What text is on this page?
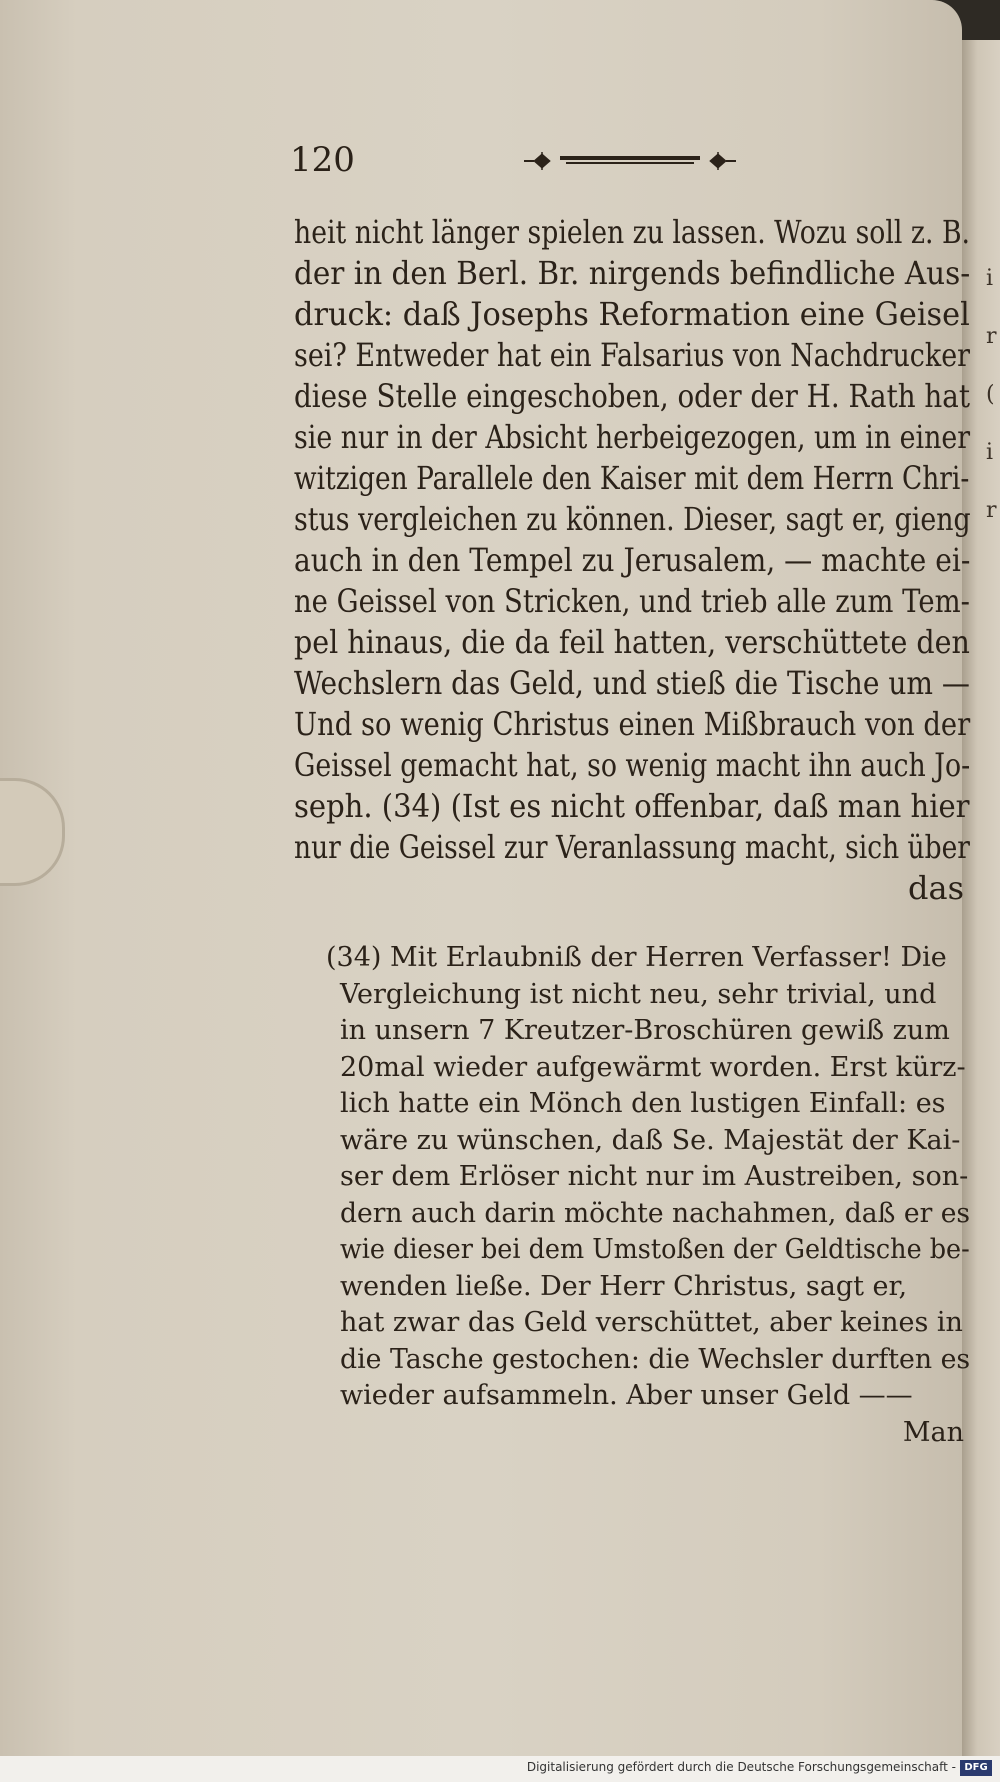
i
r
(
i
r
120
heit nicht länger spielen zu lassen. Wozu soll z. B.
der in den Berl. Br. nirgends befindliche Aus-
druck: daß Josephs Reformation eine Geisel
sei? Entweder hat ein Falsarius von Nachdrucker
diese Stelle eingeschoben, oder der H. Rath hat
sie nur in der Absicht herbeigezogen, um in einer
witzigen Parallele den Kaiser mit dem Herrn Chri-
stus vergleichen zu können. Dieser, sagt er, gieng
auch in den Tempel zu Jerusalem, — machte ei-
ne Geissel von Stricken, und trieb alle zum Tem-
pel hinaus, die da feil hatten, verschüttete den
Wechslern das Geld, und stieß die Tische um —
Und so wenig Christus einen Mißbrauch von der
Geissel gemacht hat, so wenig macht ihn auch Jo-
seph. (34) (Ist es nicht offenbar, daß man hier
nur die Geissel zur Veranlassung macht, sich über
das
(34) Mit Erlaubniß der Herren Verfasser! Die
Vergleichung ist nicht neu, sehr trivial, und
in unsern 7 Kreutzer-Broschüren gewiß zum
20mal wieder aufgewärmt worden. Erst kürz-
lich hatte ein Mönch den lustigen Einfall: es
wäre zu wünschen, daß Se. Majestät der Kai-
ser dem Erlöser nicht nur im Austreiben, son-
dern auch darin möchte nachahmen, daß er es
wie dieser bei dem Umstoßen der Geldtische be-
wenden ließe. Der Herr Christus, sagt er,
hat zwar das Geld verschüttet, aber keines in
die Tasche gestochen: die Wechsler durften es
wieder aufsammeln. Aber unser Geld ——
Man
Digitalisierung gefördert durch die Deutsche Forschungsgemeinschaft - DFG
